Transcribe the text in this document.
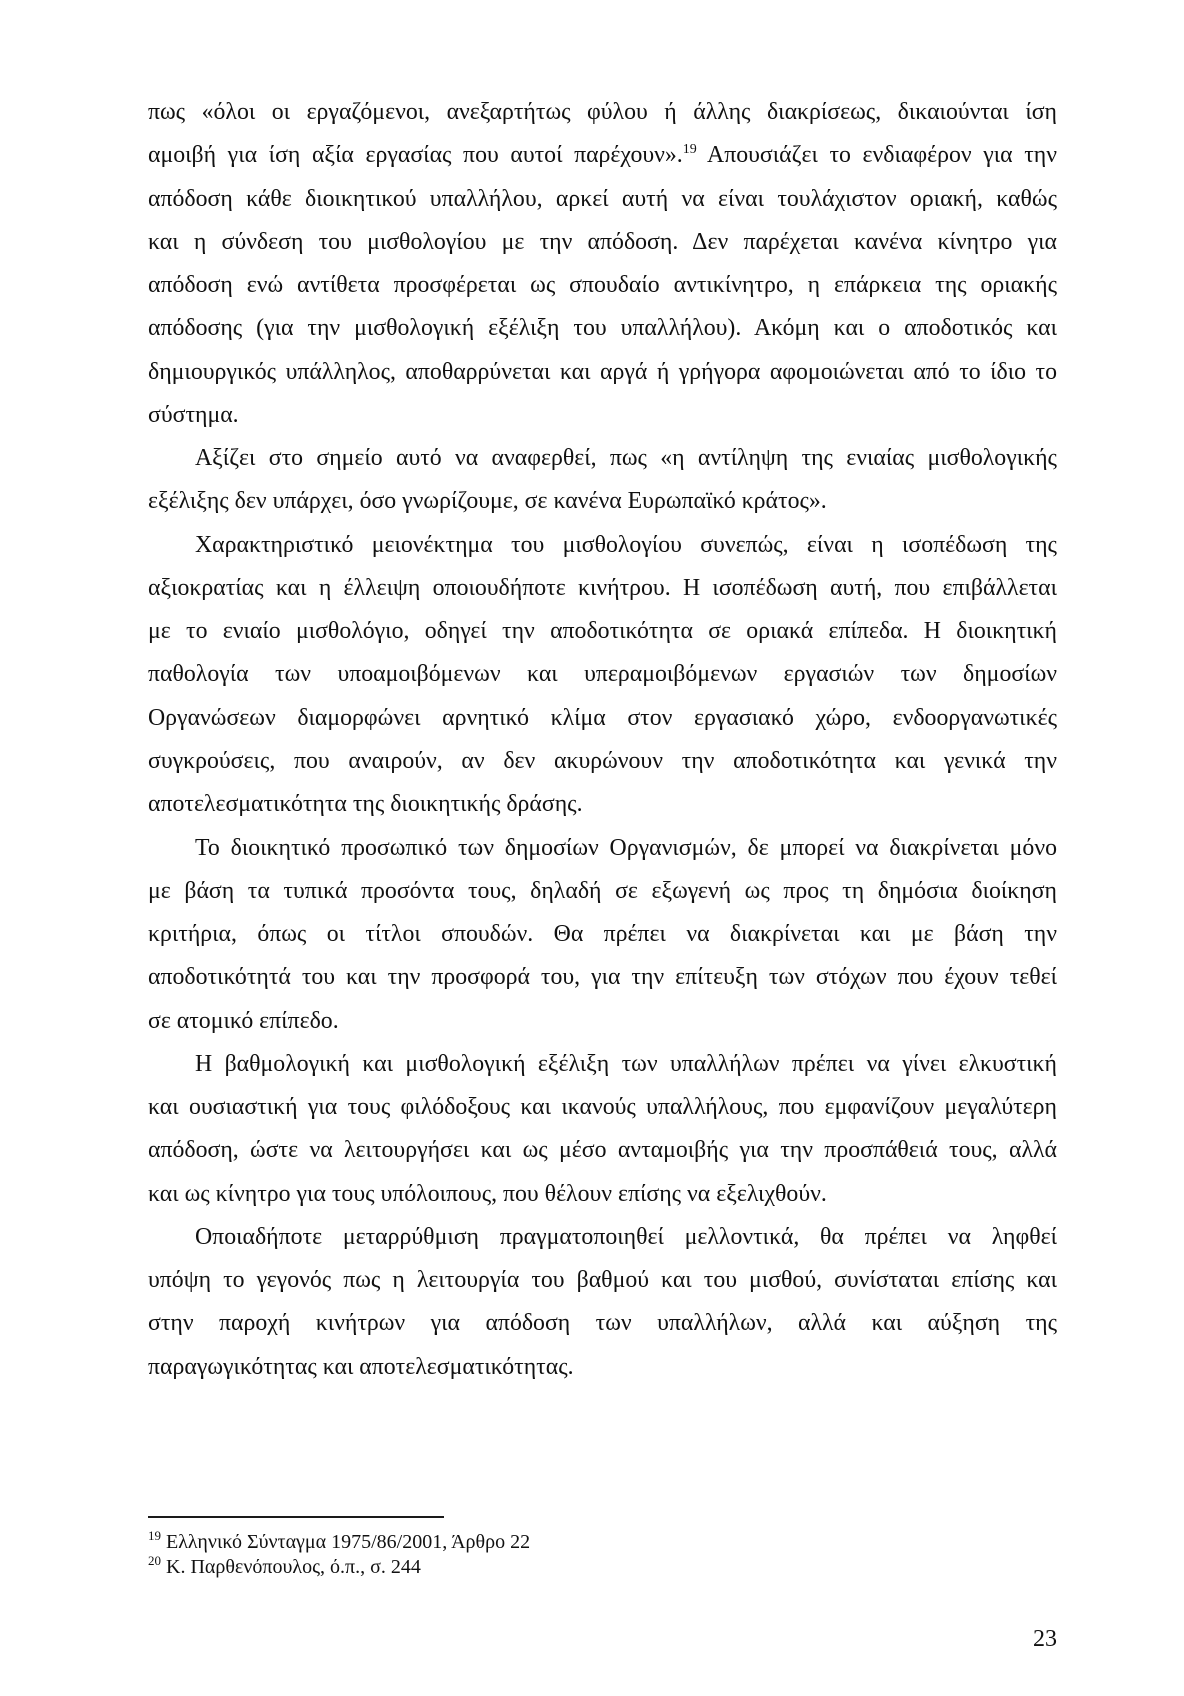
πως «όλοι οι εργαζόμενοι, ανεξαρτήτως φύλου ή άλλης διακρίσεως, δικαιούνται ίση
αμοιβή για ίση αξία εργασίας που αυτοί παρέχουν».$^{19}$ Απουσιάζει το ενδιαφέρον για την
απόδοση κάθε διοικητικού υπαλλήλου, αρκεί αυτή να είναι τουλάχιστον οριακή, καθώς
και η σύνδεση του μισθολογίου με την απόδοση. Δεν παρέχεται κανένα κίνητρο για
απόδοση ενώ αντίθετα προσφέρεται ως σπουδαίο αντικίνητρο, η επάρκεια της οριακής
απόδοσης (για την μισθολογική εξέλιξη του υπαλλήλου). Ακόμη και ο αποδοτικός και
δημιουργικός υπάλληλος, αποθαρρύνεται και αργά ή γρήγορα αφομοιώνεται από το ίδιο το
σύστημα.
Αξίζει στο σημείο αυτό να αναφερθεί, πως «η αντίληψη της ενιαίας μισθολογικής
εξέλιξης δεν υπάρχει, όσο γνωρίζουμε, σε κανένα Ευρωπαϊκό κράτος».
Χαρακτηριστικό μειονέκτημα του μισθολογίου συνεπώς, είναι η ισοπέδωση της
αξιοκρατίας και η έλλειψη οποιουδήποτε κινήτρου. Η ισοπέδωση αυτή, που επιβάλλεται
με το ενιαίο μισθολόγιο, οδηγεί την αποδοτικότητα σε οριακά επίπεδα. Η διοικητική
παθολογία των υποαμοιβόμενων και υπεραμοιβόμενων εργασιών των δημοσίων
Οργανώσεων διαμορφώνει αρνητικό κλίμα στον εργασιακό χώρο, ενδοοργανωτικές
συγκρούσεις, που αναιρούν, αν δεν ακυρώνουν την αποδοτικότητα και γενικά την
αποτελεσματικότητα της διοικητικής δράσης.
Το διοικητικό προσωπικό των δημοσίων Οργανισμών, δε μπορεί να διακρίνεται μόνο
με βάση τα τυπικά προσόντα τους, δηλαδή σε εξωγενή ως προς τη δημόσια διοίκηση
κριτήρια, όπως οι τίτλοι σπουδών. Θα πρέπει να διακρίνεται και με βάση την
αποδοτικότητά του και την προσφορά του, για την επίτευξη των στόχων που έχουν τεθεί
σε ατομικό επίπεδο.
Η βαθμολογική και μισθολογική εξέλιξη των υπαλλήλων πρέπει να γίνει ελκυστική
και ουσιαστική για τους φιλόδοξους και ικανούς υπαλλήλους, που εμφανίζουν μεγαλύτερη
απόδοση, ώστε να λειτουργήσει και ως μέσο ανταμοιβής για την προσπάθειά τους, αλλά
και ως κίνητρο για τους υπόλοιπους, που θέλουν επίσης να εξελιχθούν.
Οποιαδήποτε μεταρρύθμιση πραγματοποιηθεί μελλοντικά, θα πρέπει να ληφθεί
υπόψη το γεγονός πως η λειτουργία του βαθμού και του μισθού, συνίσταται επίσης και
στην παροχή κινήτρων για απόδοση των υπαλλήλων, αλλά και αύξηση της
παραγωγικότητας και αποτελεσματικότητας.
$^{19}$ Ελληνικό Σύνταγμα 1975/86/2001, Άρθρο 22
$^{20}$ Κ. Παρθενόπουλος, ό.π., σ. 244
23
